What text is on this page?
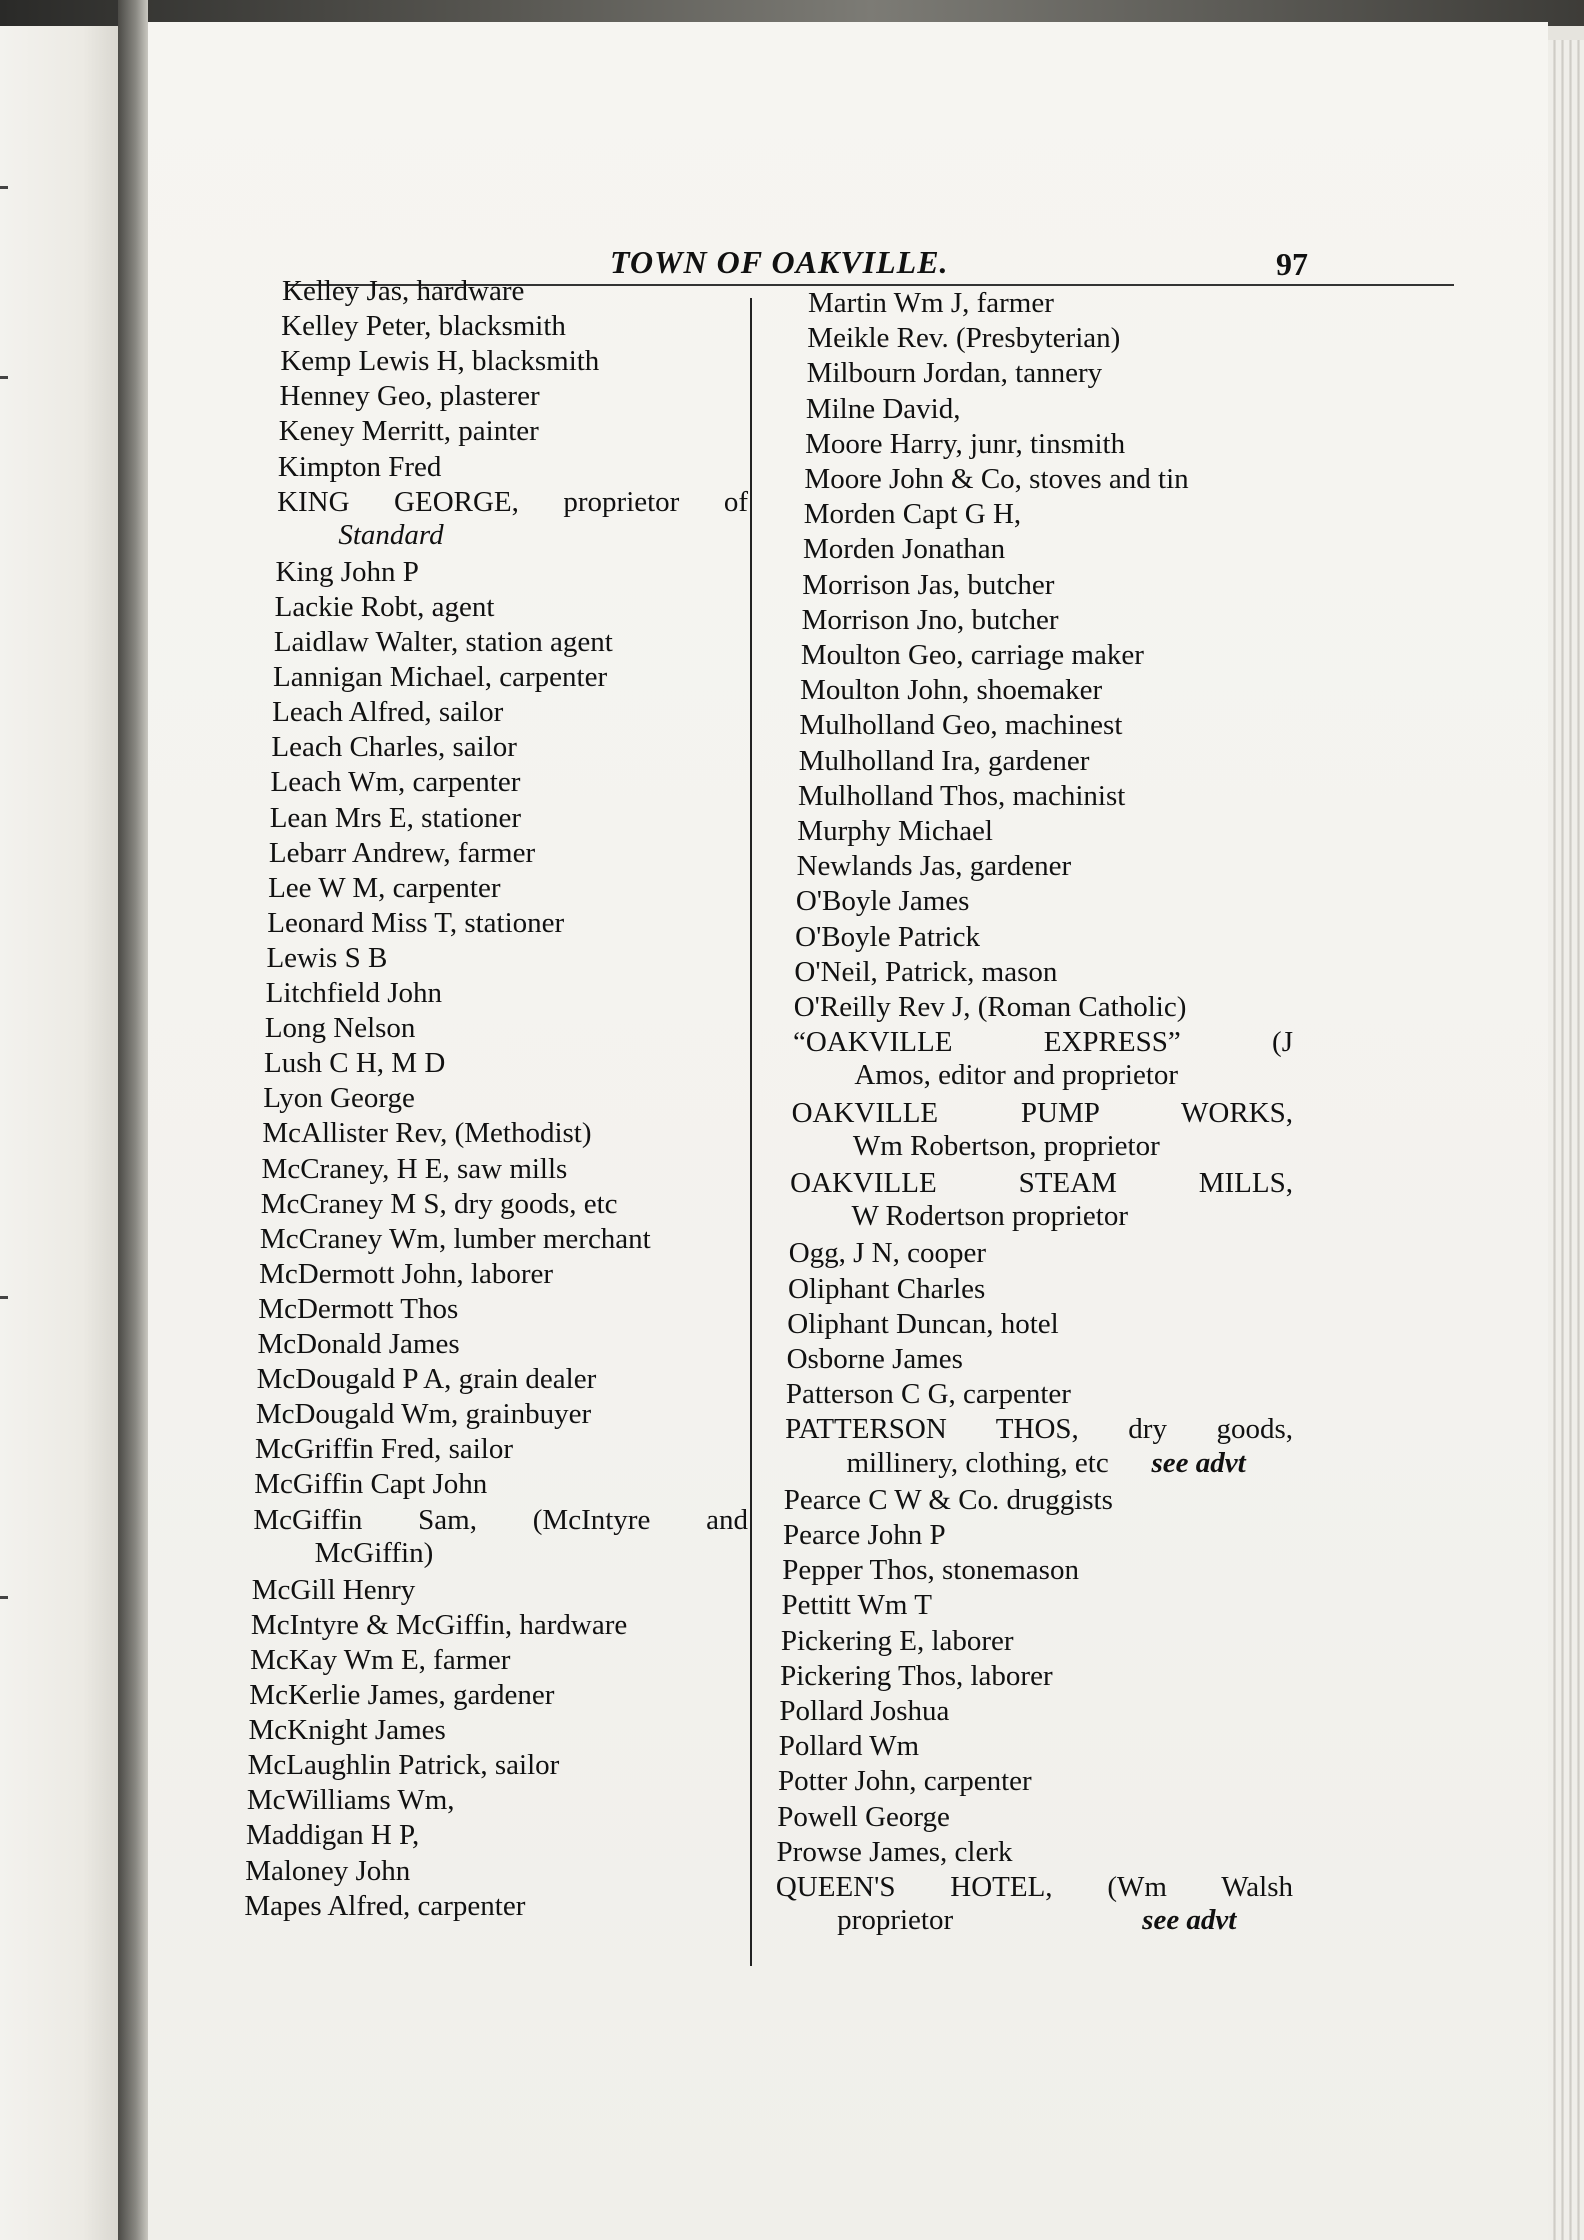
TOWN OF OAKVILLE.	97
Kelley Jas, hardware
Kelley Peter, blacksmith
Kemp Lewis H, blacksmith
Henney Geo, plasterer
Keney Merritt, painter
Kimpton Fred
KING GEORGE, proprietor of
Standard
King John P
Lackie Robt, agent
Laidlaw Walter, station agent
Lannigan Michael, carpenter
Leach Alfred, sailor
Leach Charles, sailor
Leach Wm, carpenter
Lean Mrs E, stationer
Lebarr Andrew, farmer
Lee W M, carpenter
Leonard Miss T, stationer
Lewis S B
Litchfield John
Long Nelson
Lush C H, M D
Lyon George
McAllister Rev, (Methodist)
McCraney, H E, saw mills
McCraney M S, dry goods, etc
McCraney Wm, lumber merchant
McDermott John, laborer
McDermott Thos
McDonald James
McDougald P A, grain dealer
McDougald Wm, grainbuyer
McGriffin Fred, sailor
McGiffin Capt John
McGiffin Sam, (McIntyre and
McGiffin)
McGill Henry
McIntyre & McGiffin, hardware
McKay Wm E, farmer
McKerlie James, gardener
McKnight James
McLaughlin Patrick, sailor
McWilliams Wm,
Maddigan H P,
Maloney John
Mapes Alfred, carpenter
Martin Wm J, farmer
Meikle Rev. (Presbyterian)
Milbourn Jordan, tannery
Milne David,
Moore Harry, junr, tinsmith
Moore John & Co, stoves and tin
Morden Capt G H,
Morden Jonathan
Morrison Jas, butcher
Morrison Jno, butcher
Moulton Geo, carriage maker
Moulton John, shoemaker
Mulholland Geo, machinest
Mulholland Ira, gardener
Mulholland Thos, machinist
Murphy Michael
Newlands Jas, gardener
O'Boyle James
O'Boyle Patrick
O'Neil, Patrick, mason
O'Reilly Rev J, (Roman Catholic)
“OAKVILLE EXPRESS” (J
Amos, editor and proprietor
OAKVILLE PUMP WORKS,
Wm Robertson, proprietor
OAKVILLE STEAM MILLS,
W Rodertson proprietor
Ogg, J N, cooper
Oliphant Charles
Oliphant Duncan, hotel
Osborne James
Patterson C G, carpenter
PATTERSON THOS, dry goods,
millinery, clothing, etc see advt
Pearce C W & Co. druggists
Pearce John P
Pepper Thos, stonemason
Pettitt Wm T
Pickering E, laborer
Pickering Thos, laborer
Pollard Joshua
Pollard Wm
Potter John, carpenter
Powell George
Prowse James, clerk
QUEEN'S HOTEL, (Wm Walsh
proprietor	see advt
